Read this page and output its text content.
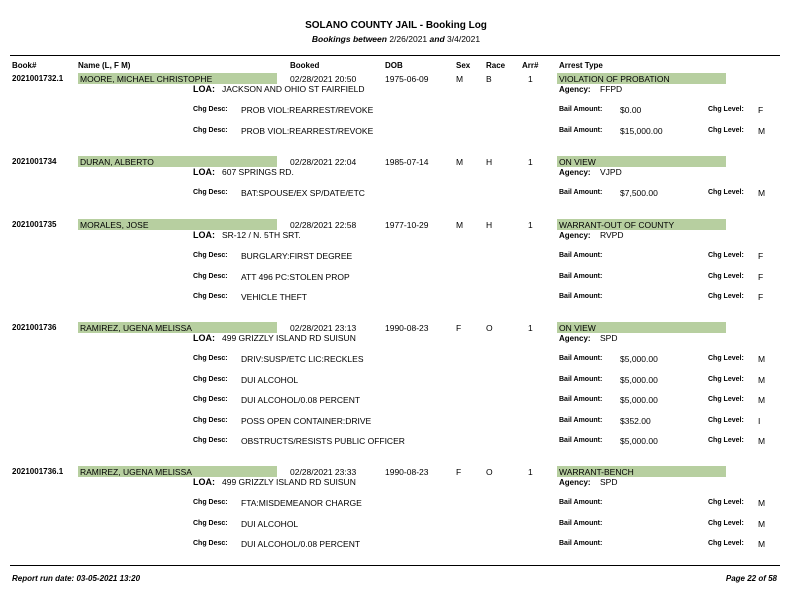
SOLANO COUNTY JAIL - Booking Log
Bookings between 2/26/2021 and 3/4/2021
Book#	Name (L, F M)	Booked	DOB	Sex Race Arr#	Arrest Type
2021001732.1 MOORE, MICHAEL CHRISTOPHE	02/28/2021 20:50	1975-06-09	M	B	1	VIOLATION OF PROBATION
LOA: JACKSON AND OHIO ST FAIRFIELD	Agency: FFPD
Chg Desc: PROB VIOL:REARREST/REVOKE	Bail Amount: $0.00	Chg Level: F
Chg Desc: PROB VIOL:REARREST/REVOKE	Bail Amount: $15,000.00	Chg Level: M
2021001734	DURAN, ALBERTO	02/28/2021 22:04	1985-07-14	M	H	1	ON VIEW
LOA: 607 SPRINGS RD.	Agency: VJPD
Chg Desc: BAT:SPOUSE/EX SP/DATE/ETC	Bail Amount: $7,500.00	Chg Level: M
2021001735	MORALES, JOSE	02/28/2021 22:58	1977-10-29	M	H	1	WARRANT-OUT OF COUNTY
LOA: SR-12 / N. 5TH SRT.	Agency: RVPD
Chg Desc: BURGLARY:FIRST DEGREE	Bail Amount:	Chg Level: F
Chg Desc: ATT 496 PC:STOLEN PROP	Bail Amount:	Chg Level: F
Chg Desc: VEHICLE THEFT	Bail Amount:	Chg Level: F
2021001736	RAMIREZ, UGENA MELISSA	02/28/2021 23:13	1990-08-23	F	O	1	ON VIEW
LOA: 499 GRIZZLY ISLAND RD SUISUN	Agency: SPD
Chg Desc: DRIV:SUSP/ETC LIC:RECKLES	Bail Amount: $5,000.00	Chg Level: M
Chg Desc: DUI ALCOHOL	Bail Amount: $5,000.00	Chg Level: M
Chg Desc: DUI ALCOHOL/0.08 PERCENT	Bail Amount: $5,000.00	Chg Level: M
Chg Desc: POSS OPEN CONTAINER:DRIVE	Bail Amount: $352.00	Chg Level: I
Chg Desc: OBSTRUCTS/RESISTS PUBLIC OFFICER	Bail Amount: $5,000.00	Chg Level: M
2021001736.1 RAMIREZ, UGENA MELISSA	02/28/2021 23:33	1990-08-23	F	O	1	WARRANT-BENCH
LOA: 499 GRIZZLY ISLAND RD SUISUN	Agency: SPD
Chg Desc: FTA:MISDEMEANOR CHARGE	Bail Amount:	Chg Level: M
Chg Desc: DUI ALCOHOL	Bail Amount:	Chg Level: M
Chg Desc: DUI ALCOHOL/0.08 PERCENT	Bail Amount:	Chg Level: M
Report run date: 03-05-2021 13:20	Page 22 of 58
